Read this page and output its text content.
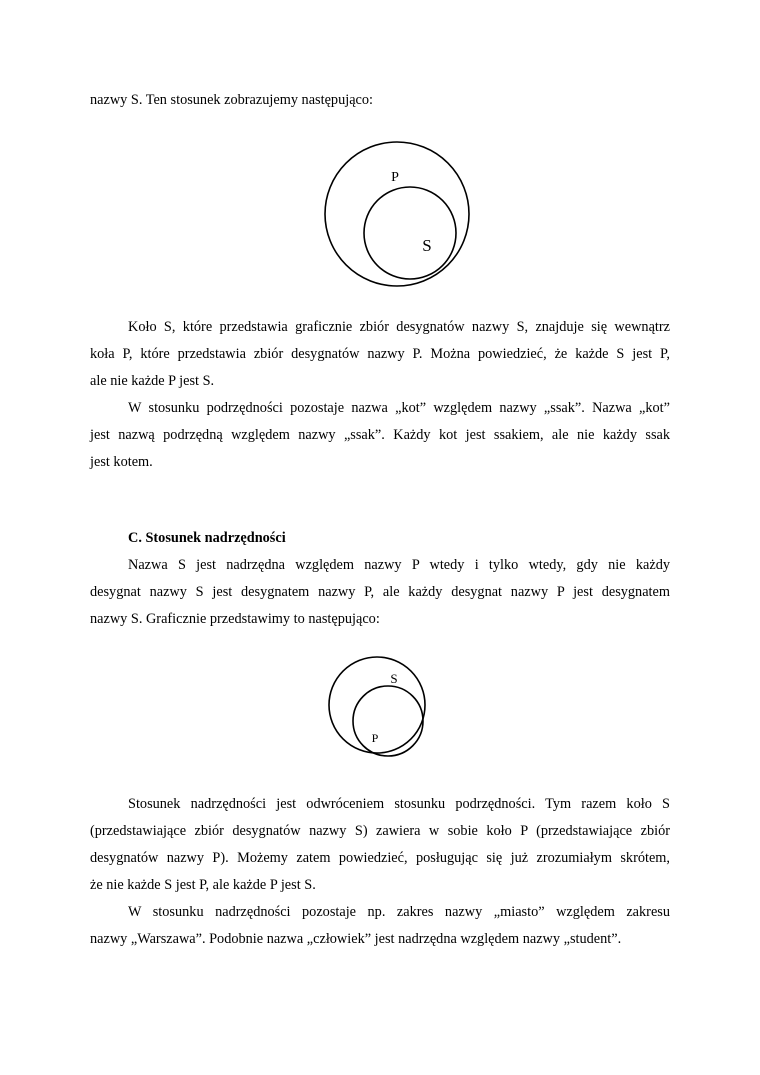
nazwy S. Ten stosunek zobrazujemy następująco:
P
S
S
P
Koło S, które przedstawia graficznie zbiór desygnatów nazwy S, znajduje się wewnątrz
koła P, które przedstawia zbiór desygnatów nazwy P. Można powiedzieć, że każde S jest P,
ale nie każde P jest S.
W stosunku podrzędności pozostaje nazwa „kot” względem nazwy „ssak”. Nazwa „kot”
jest nazwą podrzędną względem nazwy „ssak”. Każdy kot jest ssakiem, ale nie każdy ssak
jest kotem.
C. Stosunek nadrzędności
Nazwa S jest nadrzędna względem nazwy P wtedy i tylko wtedy, gdy nie każdy
desygnat nazwy S jest desygnatem nazwy P, ale każdy desygnat nazwy P jest desygnatem
nazwy S. Graficznie przedstawimy to następująco:
Stosunek nadrzędności jest odwróceniem stosunku podrzędności. Tym razem koło S
(przedstawiające zbiór desygnatów nazwy S) zawiera w sobie koło P (przedstawiające zbiór
desygnatów nazwy P). Możemy zatem powiedzieć, posługując się już zrozumiałym skrótem,
że nie każde S jest P, ale każde P jest S.
W stosunku nadrzędności pozostaje np. zakres nazwy „miasto” względem zakresu
nazwy „Warszawa”. Podobnie nazwa „człowiek” jest nadrzędna względem nazwy „student”.
